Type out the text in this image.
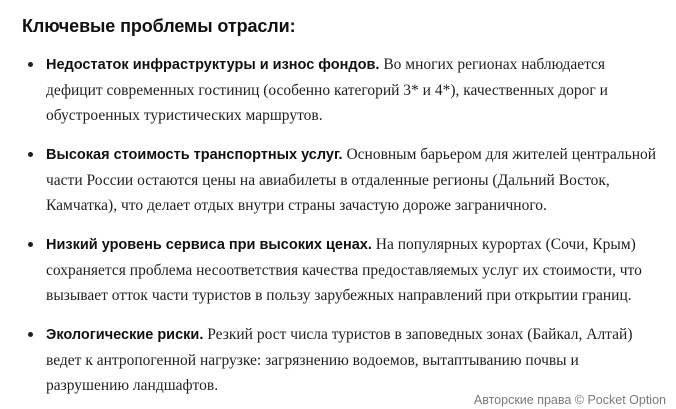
Ключевые проблемы отрасли:
Недостаток инфраструктуры и износ фондов. Во многих регионах наблюдается дефицит современных гостиниц (особенно категорий 3* и 4*), качественных дорог и обустроенных туристических маршрутов.
Высокая стоимость транспортных услуг. Основным барьером для жителей центральной части России остаются цены на авиабилеты в отдаленные регионы (Дальний Восток, Камчатка), что делает отдых внутри страны зачастую дороже заграничного.
Низкий уровень сервиса при высоких ценах. На популярных курортах (Сочи, Крым) сохраняется проблема несоответствия качества предоставляемых услуг их стоимости, что вызывает отток части туристов в пользу зарубежных направлений при открытии границ.
Экологические риски. Резкий рост числа туристов в заповедных зонах (Байкал, Алтай) ведет к антропогенной нагрузке: загрязнению водоемов, вытаптыванию почвы и разрушению ландшафтов.
Авторские права © Pocket Option
